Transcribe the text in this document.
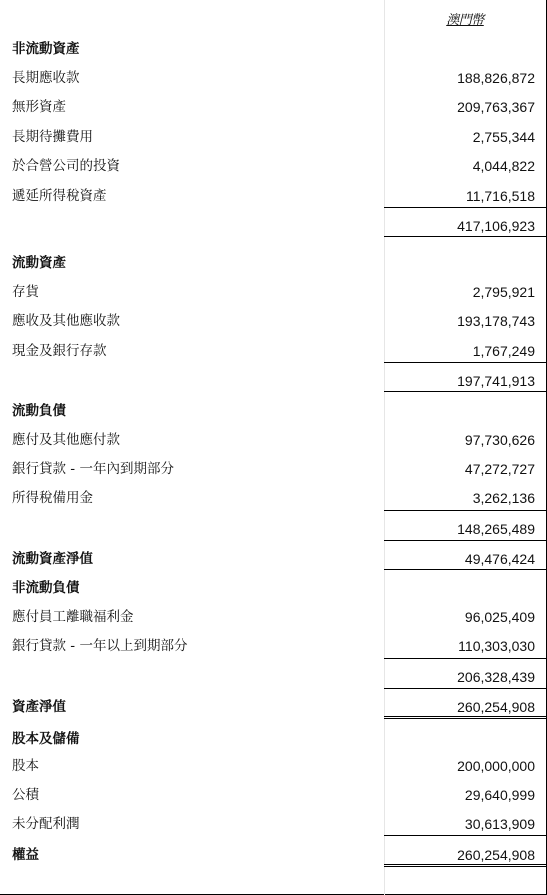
澳門幣
非流動資產
長期應收款	188,826,872
無形資產	209,763,367
長期待攤費用	2,755,344
於合營公司的投資	4,044,822
遞延所得稅資產	11,716,518
417,106,923
流動資產
存貨	2,795,921
應收及其他應收款	193,178,743
現金及銀行存款	1,767,249
197,741,913
流動負債
應付及其他應付款	97,730,626
銀行貸款 - 一年內到期部分	47,272,727
所得稅備用金	3,262,136
148,265,489
流動資產淨值	49,476,424
非流動負債
應付員工離職福利金	96,025,409
銀行貸款 - 一年以上到期部分	110,303,030
206,328,439
資產淨值	260,254,908
股本及儲備
股本	200,000,000
公積	29,640,999
未分配利潤	30,613,909
權益	260,254,908
